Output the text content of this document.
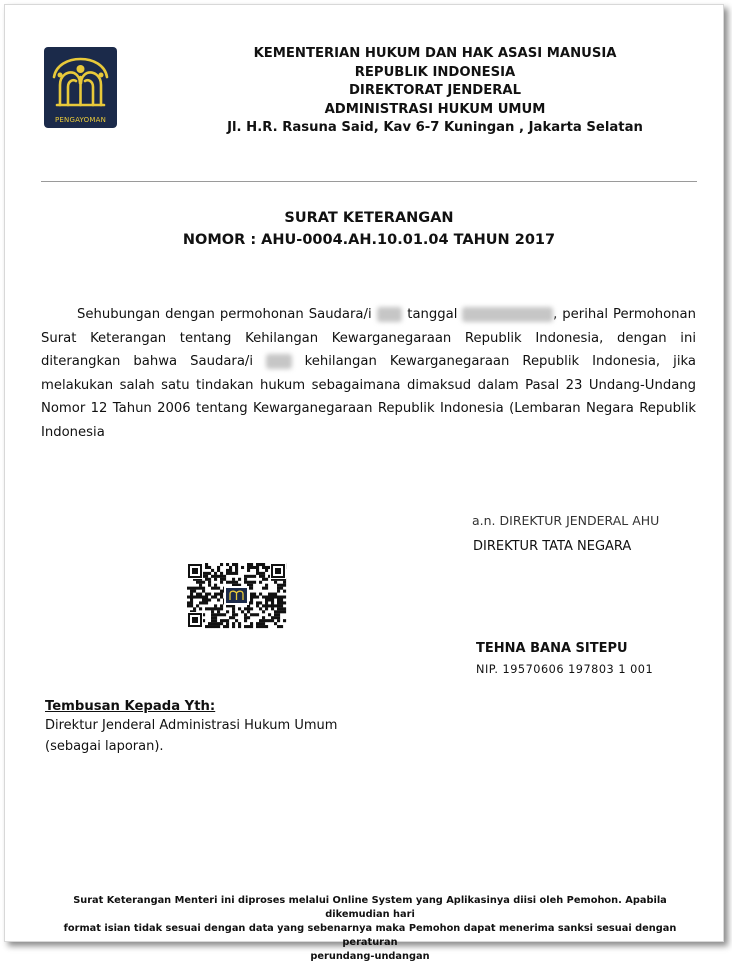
PENGAYOMAN
KEMENTERIAN HUKUM DAN HAK ASASI MANUSIA
REPUBLIK INDONESIA
DIREKTORAT JENDERAL
ADMINISTRASI HUKUM UMUM
Jl. H.R. Rasuna Said, Kav 6-7 Kuningan , Jakarta Selatan
SURAT KETERANGAN
NOMOR : AHU-0004.AH.10.01.04 TAHUN 2017

Sehubungan dengan permohonan Saudara/i	tanggal	, perihal Permohonan Surat Keterangan tentang Kehilangan Kewarganegaraan Republik Indonesia, dengan ini diterangkan bahwa Saudara/i	kehilangan Kewarganegaraan Republik Indonesia, jika melakukan salah satu tindakan hukum sebagaimana dimaksud dalam Pasal 23 Undang-Undang Nomor 12 Tahun 2006 tentang Kewarganegaraan Republik Indonesia (Lembaran Negara Republik Indonesia

a.n. DIREKTUR JENDERAL AHU
DIREKTUR TATA NEGARA
TEHNA BANA SITEPU
NIP. 19570606 197803 1 001
Tembusan Kepada Yth:
Direktur Jenderal Administrasi Hukum Umum
(sebagai laporan).
Surat Keterangan Menteri ini diproses melalui Online System yang Aplikasinya diisi oleh Pemohon. Apabila dikemudian hari
format isian tidak sesuai dengan data yang sebenarnya maka Pemohon dapat menerima sanksi sesuai dengan peraturan
perundang-undangan
